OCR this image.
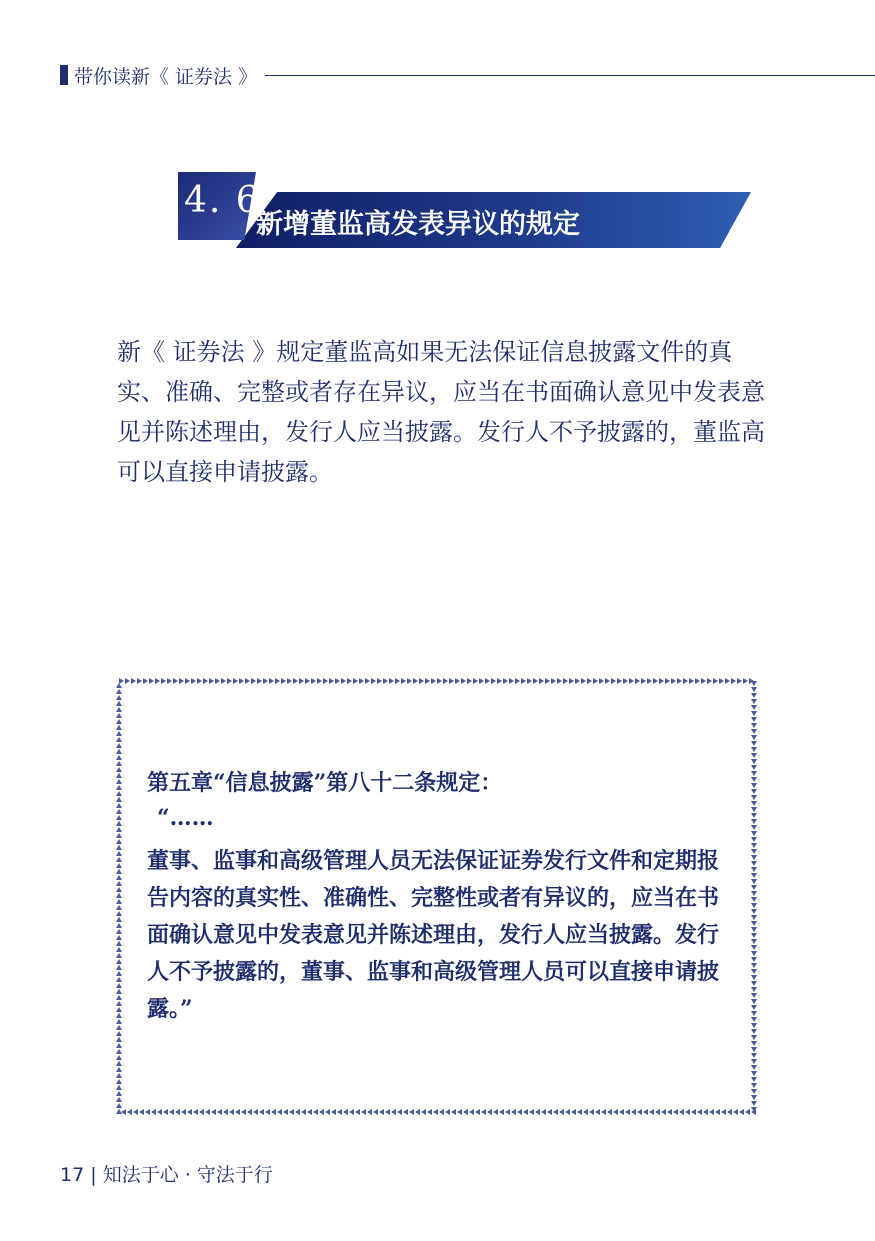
带你读新《 证券法 》
4. 6
新增董监高发表异议的规定

新《 证券法 》规定董监高如果无法保证信息披露文件的真实、准确、完整或者存在异议，应当在书面确认意见中发表意见并陈述理由，发行人应当披露。发行人不予披露的，董监高可以直接申请披露。

第五章“信息披露”第八十二条规定：
“……
董事、监事和高级管理人员无法保证证券发行文件和定期报告内容的真实性、准确性、完整性或者有异议的，应当在书面确认意见中发表意见并陈述理由，发行人应当披露。发行人不予披露的，董事、监事和高级管理人员可以直接申请披露。”
17 | 知法于心 · 守法于行
